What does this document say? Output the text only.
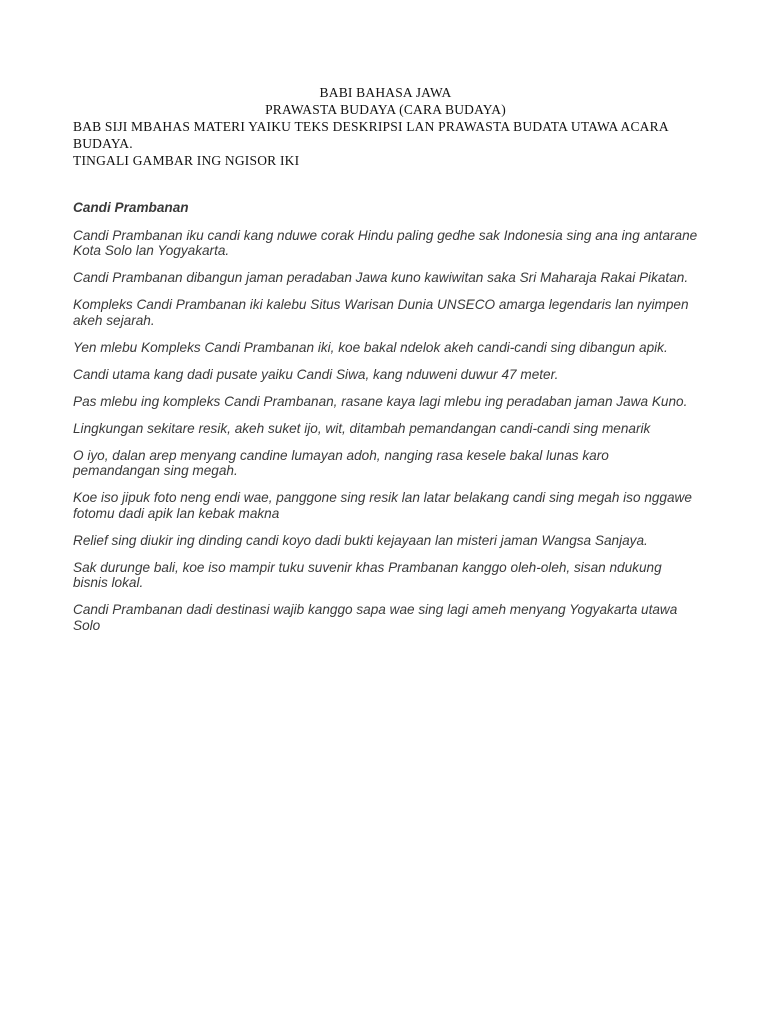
BABI BAHASA JAWA
PRAWASTA BUDAYA (CARA BUDAYA)
BAB SIJI MBAHAS MATERI YAIKU TEKS DESKRIPSI LAN PRAWASTA BUDATA UTAWA ACARA BUDAYA.
TINGALI GAMBAR ING NGISOR IKI
Candi Prambanan

Candi Prambanan iku candi kang nduwe corak Hindu paling gedhe sak Indonesia sing ana ing antarane Kota Solo lan Yogyakarta.

Candi Prambanan dibangun jaman peradaban Jawa kuno kawiwitan saka Sri Maharaja Rakai Pikatan.

Kompleks Candi Prambanan iki kalebu Situs Warisan Dunia UNSECO amarga legendaris lan nyimpen akeh sejarah.

Yen mlebu Kompleks Candi Prambanan iki, koe bakal ndelok akeh candi-candi sing dibangun apik.

Candi utama kang dadi pusate yaiku Candi Siwa, kang nduweni duwur 47 meter.

Pas mlebu ing kompleks Candi Prambanan, rasane kaya lagi mlebu ing peradaban jaman Jawa Kuno.

Lingkungan sekitare resik, akeh suket ijo, wit, ditambah pemandangan candi-candi sing menarik

O iyo, dalan arep menyang candine lumayan adoh, nanging rasa kesele bakal lunas karo pemandangan sing megah.

Koe iso jipuk foto neng endi wae, panggone sing resik lan latar belakang candi sing megah iso nggawe fotomu dadi apik lan kebak makna

Relief sing diukir ing dinding candi koyo dadi bukti kejayaan lan misteri jaman Wangsa Sanjaya.

Sak durunge bali, koe iso mampir tuku suvenir khas Prambanan kanggo oleh-oleh, sisan ndukung bisnis lokal.

Candi Prambanan dadi destinasi wajib kanggo sapa wae sing lagi ameh menyang Yogyakarta utawa Solo
